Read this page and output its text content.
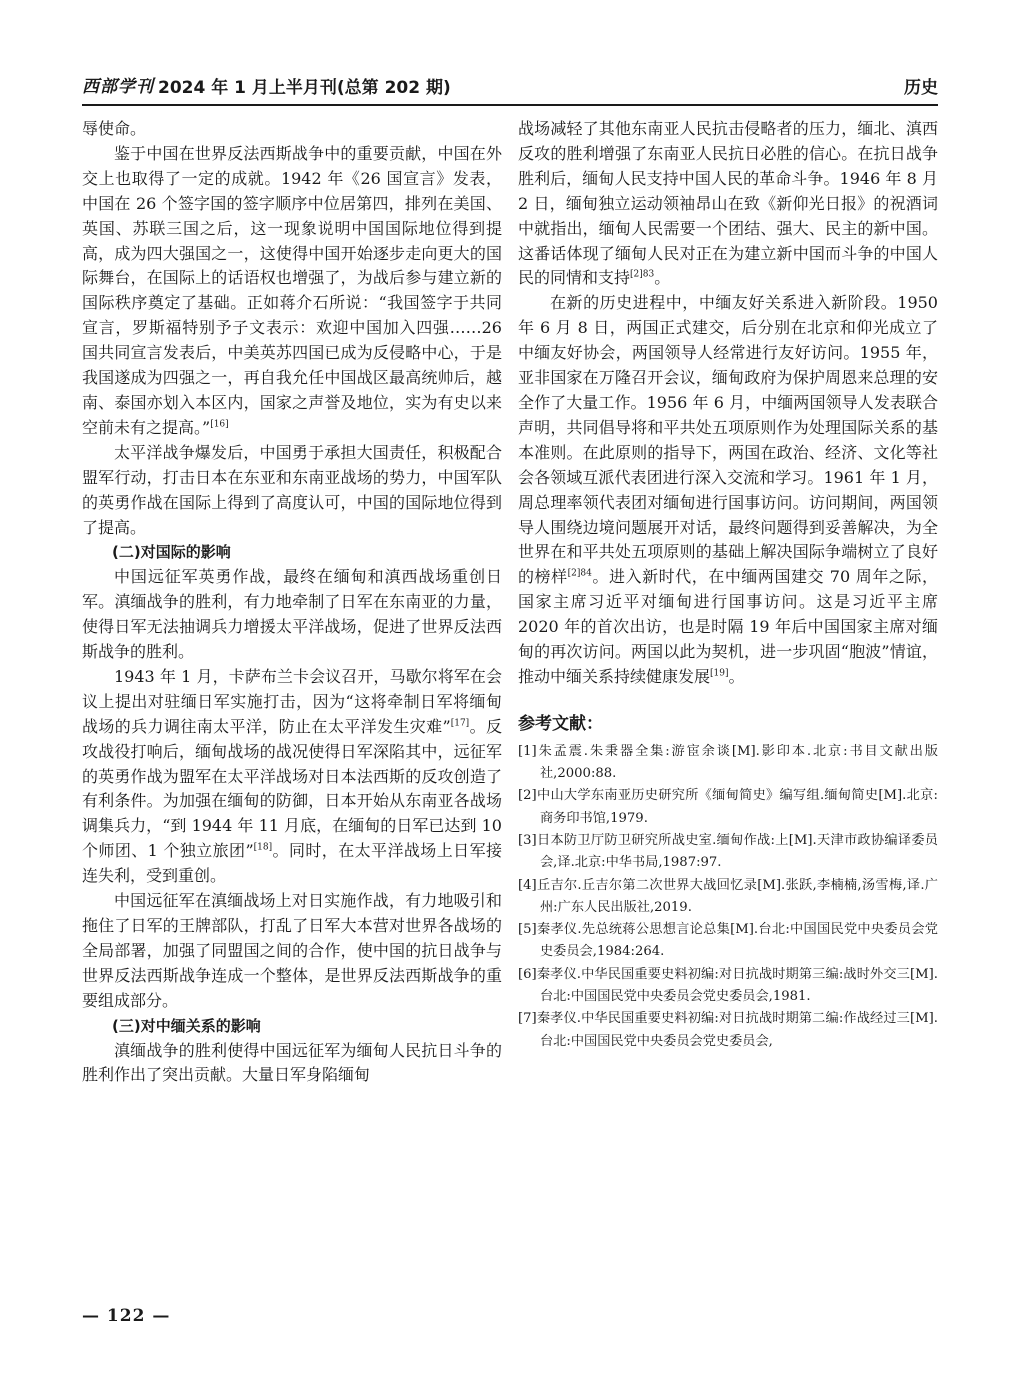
西部学刊 2024 年 1 月上半月刊(总第 202 期)	历史

辱使命。

鉴于中国在世界反法西斯战争中的重要贡献，中国在外交上也取得了一定的成就。1942 年《26 国宣言》发表，中国在 26 个签字国的签字顺序中位居第四，排列在美国、英国、苏联三国之后，这一现象说明中国国际地位得到提高，成为四大强国之一，这使得中国开始逐步走向更大的国际舞台，在国际上的话语权也增强了，为战后参与建立新的国际秩序奠定了基础。正如蒋介石所说：“我国签字于共同宣言，罗斯福特别予子文表示：欢迎中国加入四强……26 国共同宣言发表后，中美英苏四国已成为反侵略中心，于是我国遂成为四强之一，再自我允任中国战区最高统帅后，越南、泰国亦划入本区内，国家之声誉及地位，实为有史以来空前未有之提高。”[16]

太平洋战争爆发后，中国勇于承担大国责任，积极配合盟军行动，打击日本在东亚和东南亚战场的势力，中国军队的英勇作战在国际上得到了高度认可，中国的国际地位得到了提高。

(二)对国际的影响

中国远征军英勇作战，最终在缅甸和滇西战场重创日军。滇缅战争的胜利，有力地牵制了日军在东南亚的力量，使得日军无法抽调兵力增援太平洋战场，促进了世界反法西斯战争的胜利。

1943 年 1 月，卡萨布兰卡会议召开，马歇尔将军在会议上提出对驻缅日军实施打击，因为“这将牵制日军将缅甸战场的兵力调往南太平洋，防止在太平洋发生灾难”[17]。反攻战役打响后，缅甸战场的战况使得日军深陷其中，远征军的英勇作战为盟军在太平洋战场对日本法西斯的反攻创造了有利条件。为加强在缅甸的防御，日本开始从东南亚各战场调集兵力，“到 1944 年 11 月底，在缅甸的日军已达到 10 个师团、1 个独立旅团”[18]。同时，在太平洋战场上日军接连失利，受到重创。

中国远征军在滇缅战场上对日实施作战，有力地吸引和拖住了日军的王牌部队，打乱了日军大本营对世界各战场的全局部署，加强了同盟国之间的合作，使中国的抗日战争与世界反法西斯战争连成一个整体，是世界反法西斯战争的重要组成部分。

(三)对中缅关系的影响

滇缅战争的胜利使得中国远征军为缅甸人民抗日斗争的胜利作出了突出贡献。大量日军身陷缅甸

战场减轻了其他东南亚人民抗击侵略者的压力，缅北、滇西反攻的胜利增强了东南亚人民抗日必胜的信心。在抗日战争胜利后，缅甸人民支持中国人民的革命斗争。1946 年 8 月 2 日，缅甸独立运动领袖昂山在致《新仰光日报》的祝酒词中就指出，缅甸人民需要一个团结、强大、民主的新中国。这番话体现了缅甸人民对正在为建立新中国而斗争的中国人民的同情和支持$^{[2]83}$。

在新的历史进程中，中缅友好关系进入新阶段。1950 年 6 月 8 日，两国正式建交，后分别在北京和仰光成立了中缅友好协会，两国领导人经常进行友好访问。1955 年，亚非国家在万隆召开会议，缅甸政府为保护周恩来总理的安全作了大量工作。1956 年 6 月，中缅两国领导人发表联合声明，共同倡导将和平共处五项原则作为处理国际关系的基本准则。在此原则的指导下，两国在政治、经济、文化等社会各领域互派代表团进行深入交流和学习。1961 年 1 月，周总理率领代表团对缅甸进行国事访问。访问期间，两国领导人围绕边境问题展开对话，最终问题得到妥善解决，为全世界在和平共处五项原则的基础上解决国际争端树立了良好的榜样$^{[2]84}$。进入新时代，在中缅两国建交 70 周年之际，国家主席习近平对缅甸进行国事访问。这是习近平主席 2020 年的首次出访，也是时隔 19 年后中国国家主席对缅甸的再次访问。两国以此为契机，进一步巩固“胞波”情谊，推动中缅关系持续健康发展[19]。

参考文献：
[1]朱孟震.朱秉器全集:游宦余谈[M].影印本.北京:书目文献出版社,2000:88.
[2]中山大学东南亚历史研究所《缅甸简史》编写组.缅甸简史[M].北京:商务印书馆,1979.
[3]日本防卫厅防卫研究所战史室.缅甸作战:上[M].天津市政协编译委员会,译.北京:中华书局,1987:97.
[4]丘吉尔.丘吉尔第二次世界大战回忆录[M].张跃,李楠楠,汤雪梅,译.广州:广东人民出版社,2019.
[5]秦孝仪.先总统蒋公思想言论总集[M].台北:中国国民党中央委员会党史委员会,1984:264.
[6]秦孝仪.中华民国重要史料初编:对日抗战时期第三编:战时外交三[M].台北:中国国民党中央委员会党史委员会,1981.
[7]秦孝仪.中华民国重要史料初编:对日抗战时期第二编:作战经过三[M].台北:中国国民党中央委员会党史委员会,
— 122 —
